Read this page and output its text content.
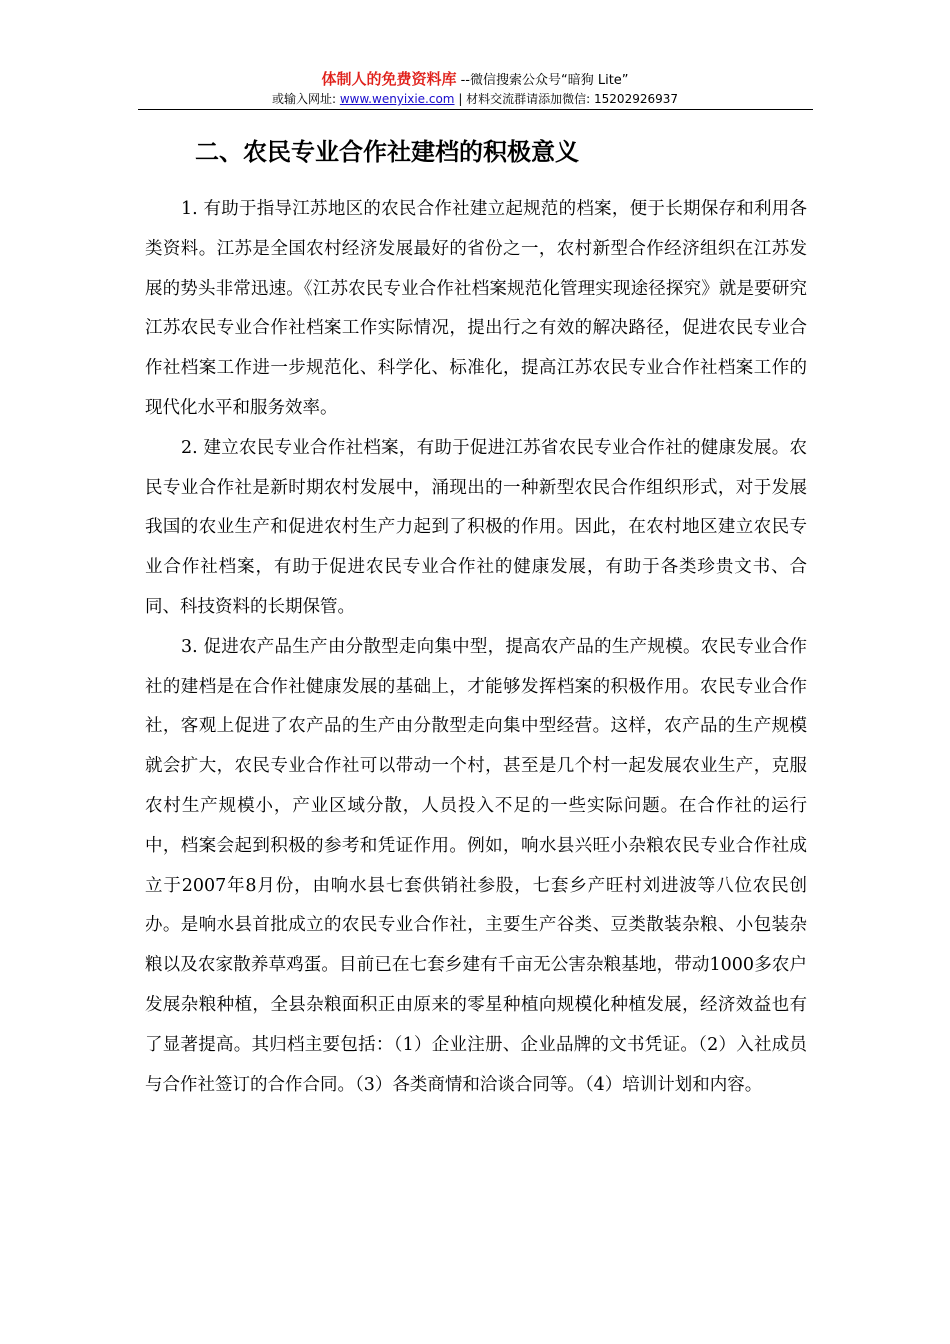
体制人的免费资料库 --微信搜索公众号“暗狗 Lite”
或输入网址: www.wenyixie.com | 材料交流群请添加微信: 15202926937
二、农民专业合作社建档的积极意义

1. 有助于指导江苏地区的农民合作社建立起规范的档案，便于长期保存和利用各类资料。江苏是全国农村经济发展最好的省份之一，农村新型合作经济组织在江苏发展的势头非常迅速。《江苏农民专业合作社档案规范化管理实现途径探究》就是要研究江苏农民专业合作社档案工作实际情况，提出行之有效的解决路径，促进农民专业合作社档案工作进一步规范化、科学化、标准化，提高江苏农民专业合作社档案工作的现代化水平和服务效率。

2. 建立农民专业合作社档案，有助于促进江苏省农民专业合作社的健康发展。农民专业合作社是新时期农村发展中，涌现出的一种新型农民合作组织形式，对于发展我国的农业生产和促进农村生产力起到了积极的作用。因此，在农村地区建立农民专业合作社档案，有助于促进农民专业合作社的健康发展，有助于各类珍贵文书、合同、科技资料的长期保管。

3. 促进农产品生产由分散型走向集中型，提高农产品的生产规模。农民专业合作社的建档是在合作社健康发展的基础上，才能够发挥档案的积极作用。农民专业合作社，客观上促进了农产品的生产由分散型走向集中型经营。这样，农产品的生产规模就会扩大，农民专业合作社可以带动一个村，甚至是几个村一起发展农业生产，克服农村生产规模小，产业区域分散，人员投入不足的一些实际问题。在合作社的运行中，档案会起到积极的参考和凭证作用。例如，响水县兴旺小杂粮农民专业合作社成立于2007年8月份，由响水县七套供销社参股，七套乡产旺村刘进波等八位农民创办。是响水县首批成立的农民专业合作社，主要生产谷类、豆类散装杂粮、小包装杂粮以及农家散养草鸡蛋。目前已在七套乡建有千亩无公害杂粮基地，带动1000多农户发展杂粮种植，全县杂粮面积正由原来的零星种植向规模化种植发展，经济效益也有了显著提高。其归档主要包括：（1）企业注册、企业品牌的文书凭证。（2）入社成员与合作社签订的合作合同。（3）各类商情和洽谈合同等。（4）培训计划和内容。
